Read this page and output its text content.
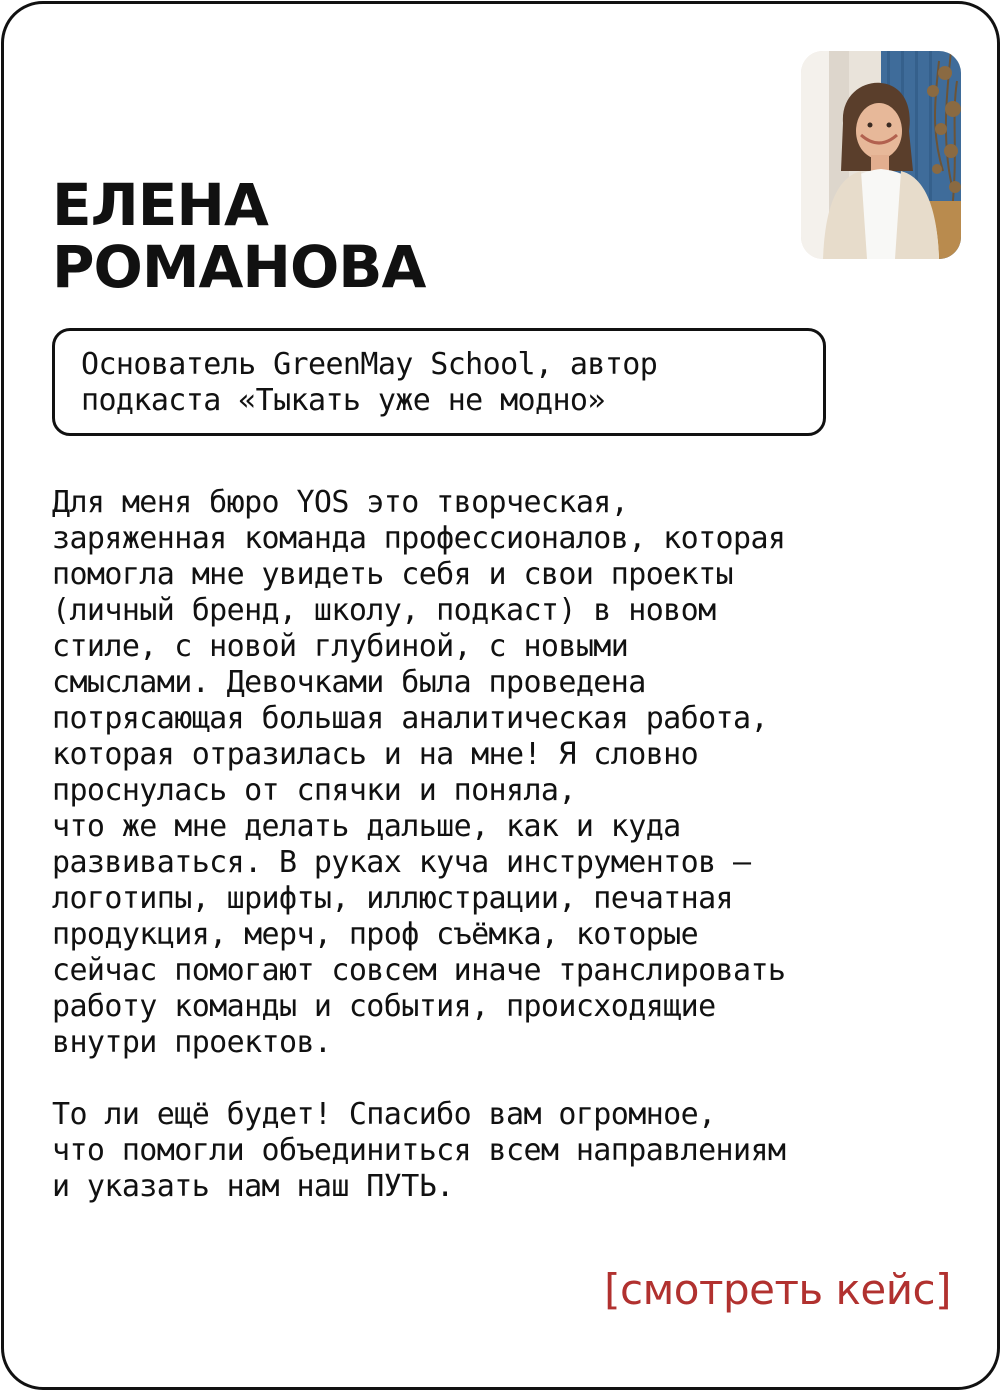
ЕЛЕНА
РОМАНОВА

Основатель GreenMay School, автор
подкаста «Тыкать уже не модно»

Для меня бюро YOS это творческая,
заряженная команда профессионалов, которая
помогла мне увидеть себя и свои проекты
(личный бренд, школу, подкаст) в новом
стиле, с новой глубиной, с новыми
смыслами. Девочками была проведена
потрясающая большая аналитическая работа,
которая отразилась и на мне! Я словно
проснулась от спячки и поняла,
что же мне делать дальше, как и куда
развиваться. В руках куча инструментов —
логотипы, шрифты, иллюстрации, печатная
продукция, мерч, проф съёмка, которые
сейчас помогают совсем иначе транслировать
работу команды и события, происходящие
внутри проектов.

То ли ещё будет! Спасибо вам огромное,
что помогли объединиться всем направлениям
и указать нам наш ПУТЬ.

[смотреть кейс]
